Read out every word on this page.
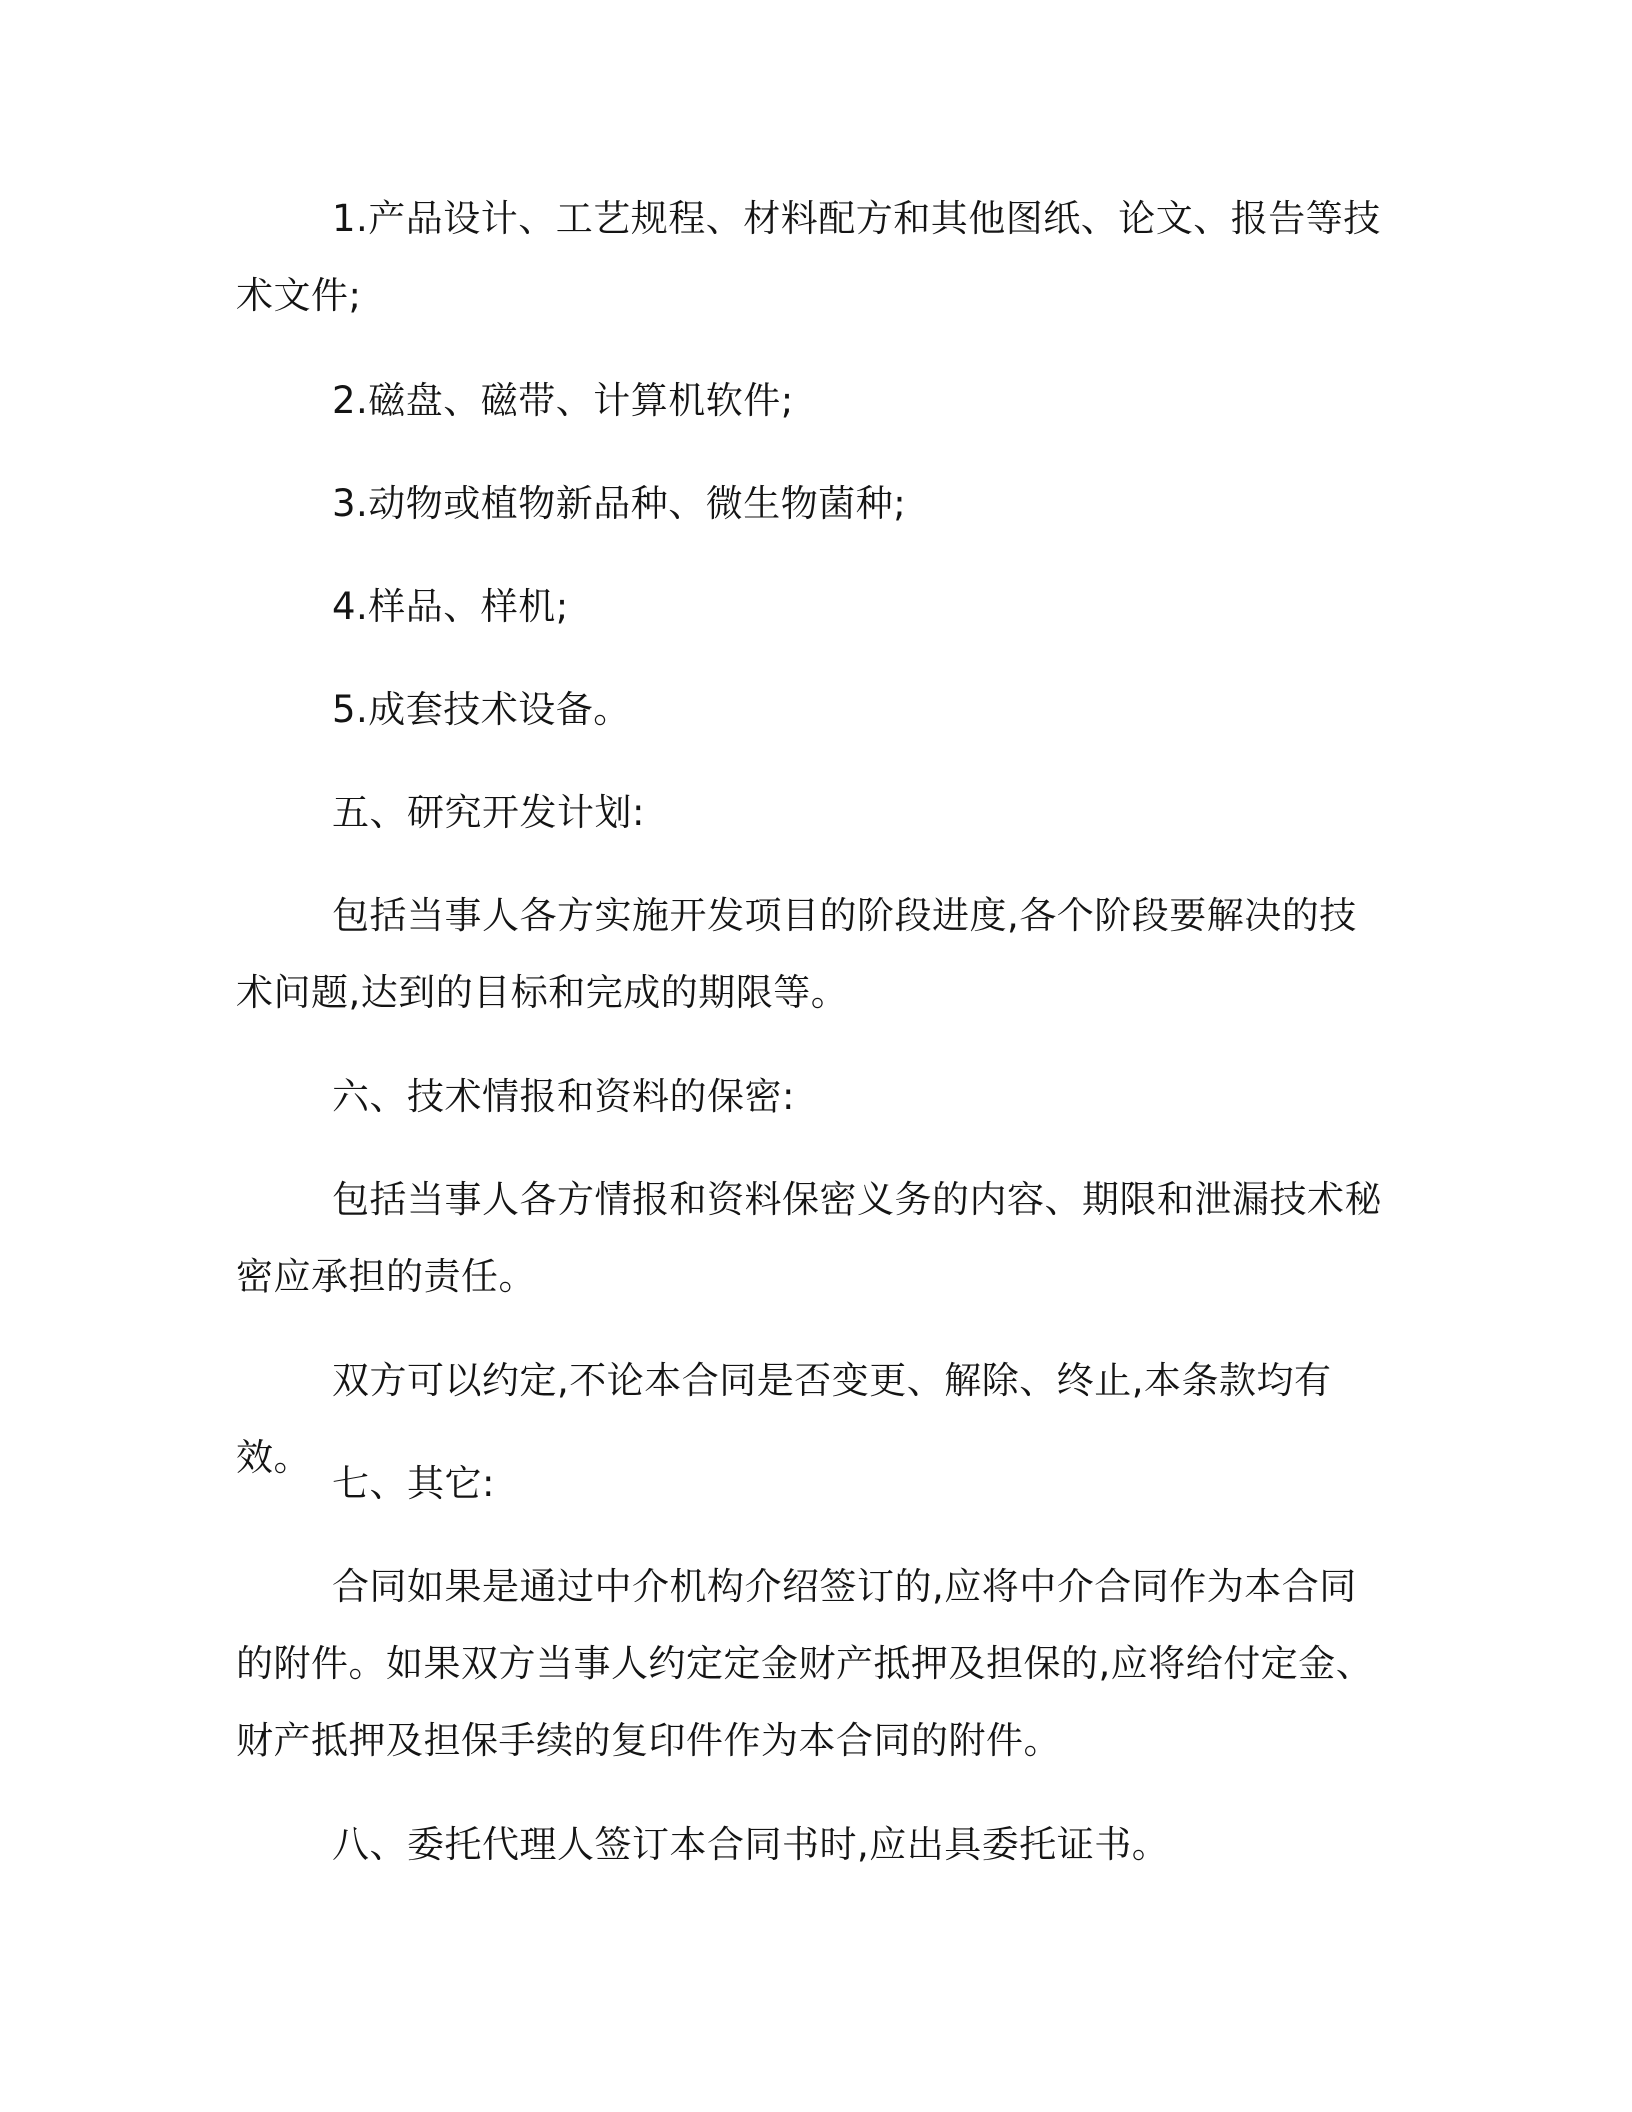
1.产品设计、工艺规程、材料配方和其他图纸、论文、报告等技术文件;

2.磁盘、磁带、计算机软件;

3.动物或植物新品种、微生物菌种;

4.样品、样机;

5.成套技术设备。

五、研究开发计划:

包括当事人各方实施开发项目的阶段进度,各个阶段要解决的技术问题,达到的目标和完成的期限等。

六、技术情报和资料的保密:

包括当事人各方情报和资料保密义务的内容、期限和泄漏技术秘密应承担的责任。

双方可以约定,不论本合同是否变更、解除、终止,本条款均有效。

七、其它:

合同如果是通过中介机构介绍签订的,应将中介合同作为本合同的附件。如果双方当事人约定定金财产抵押及担保的,应将给付定金、财产抵押及担保手续的复印件作为本合同的附件。

八、委托代理人签订本合同书时,应出具委托证书。
